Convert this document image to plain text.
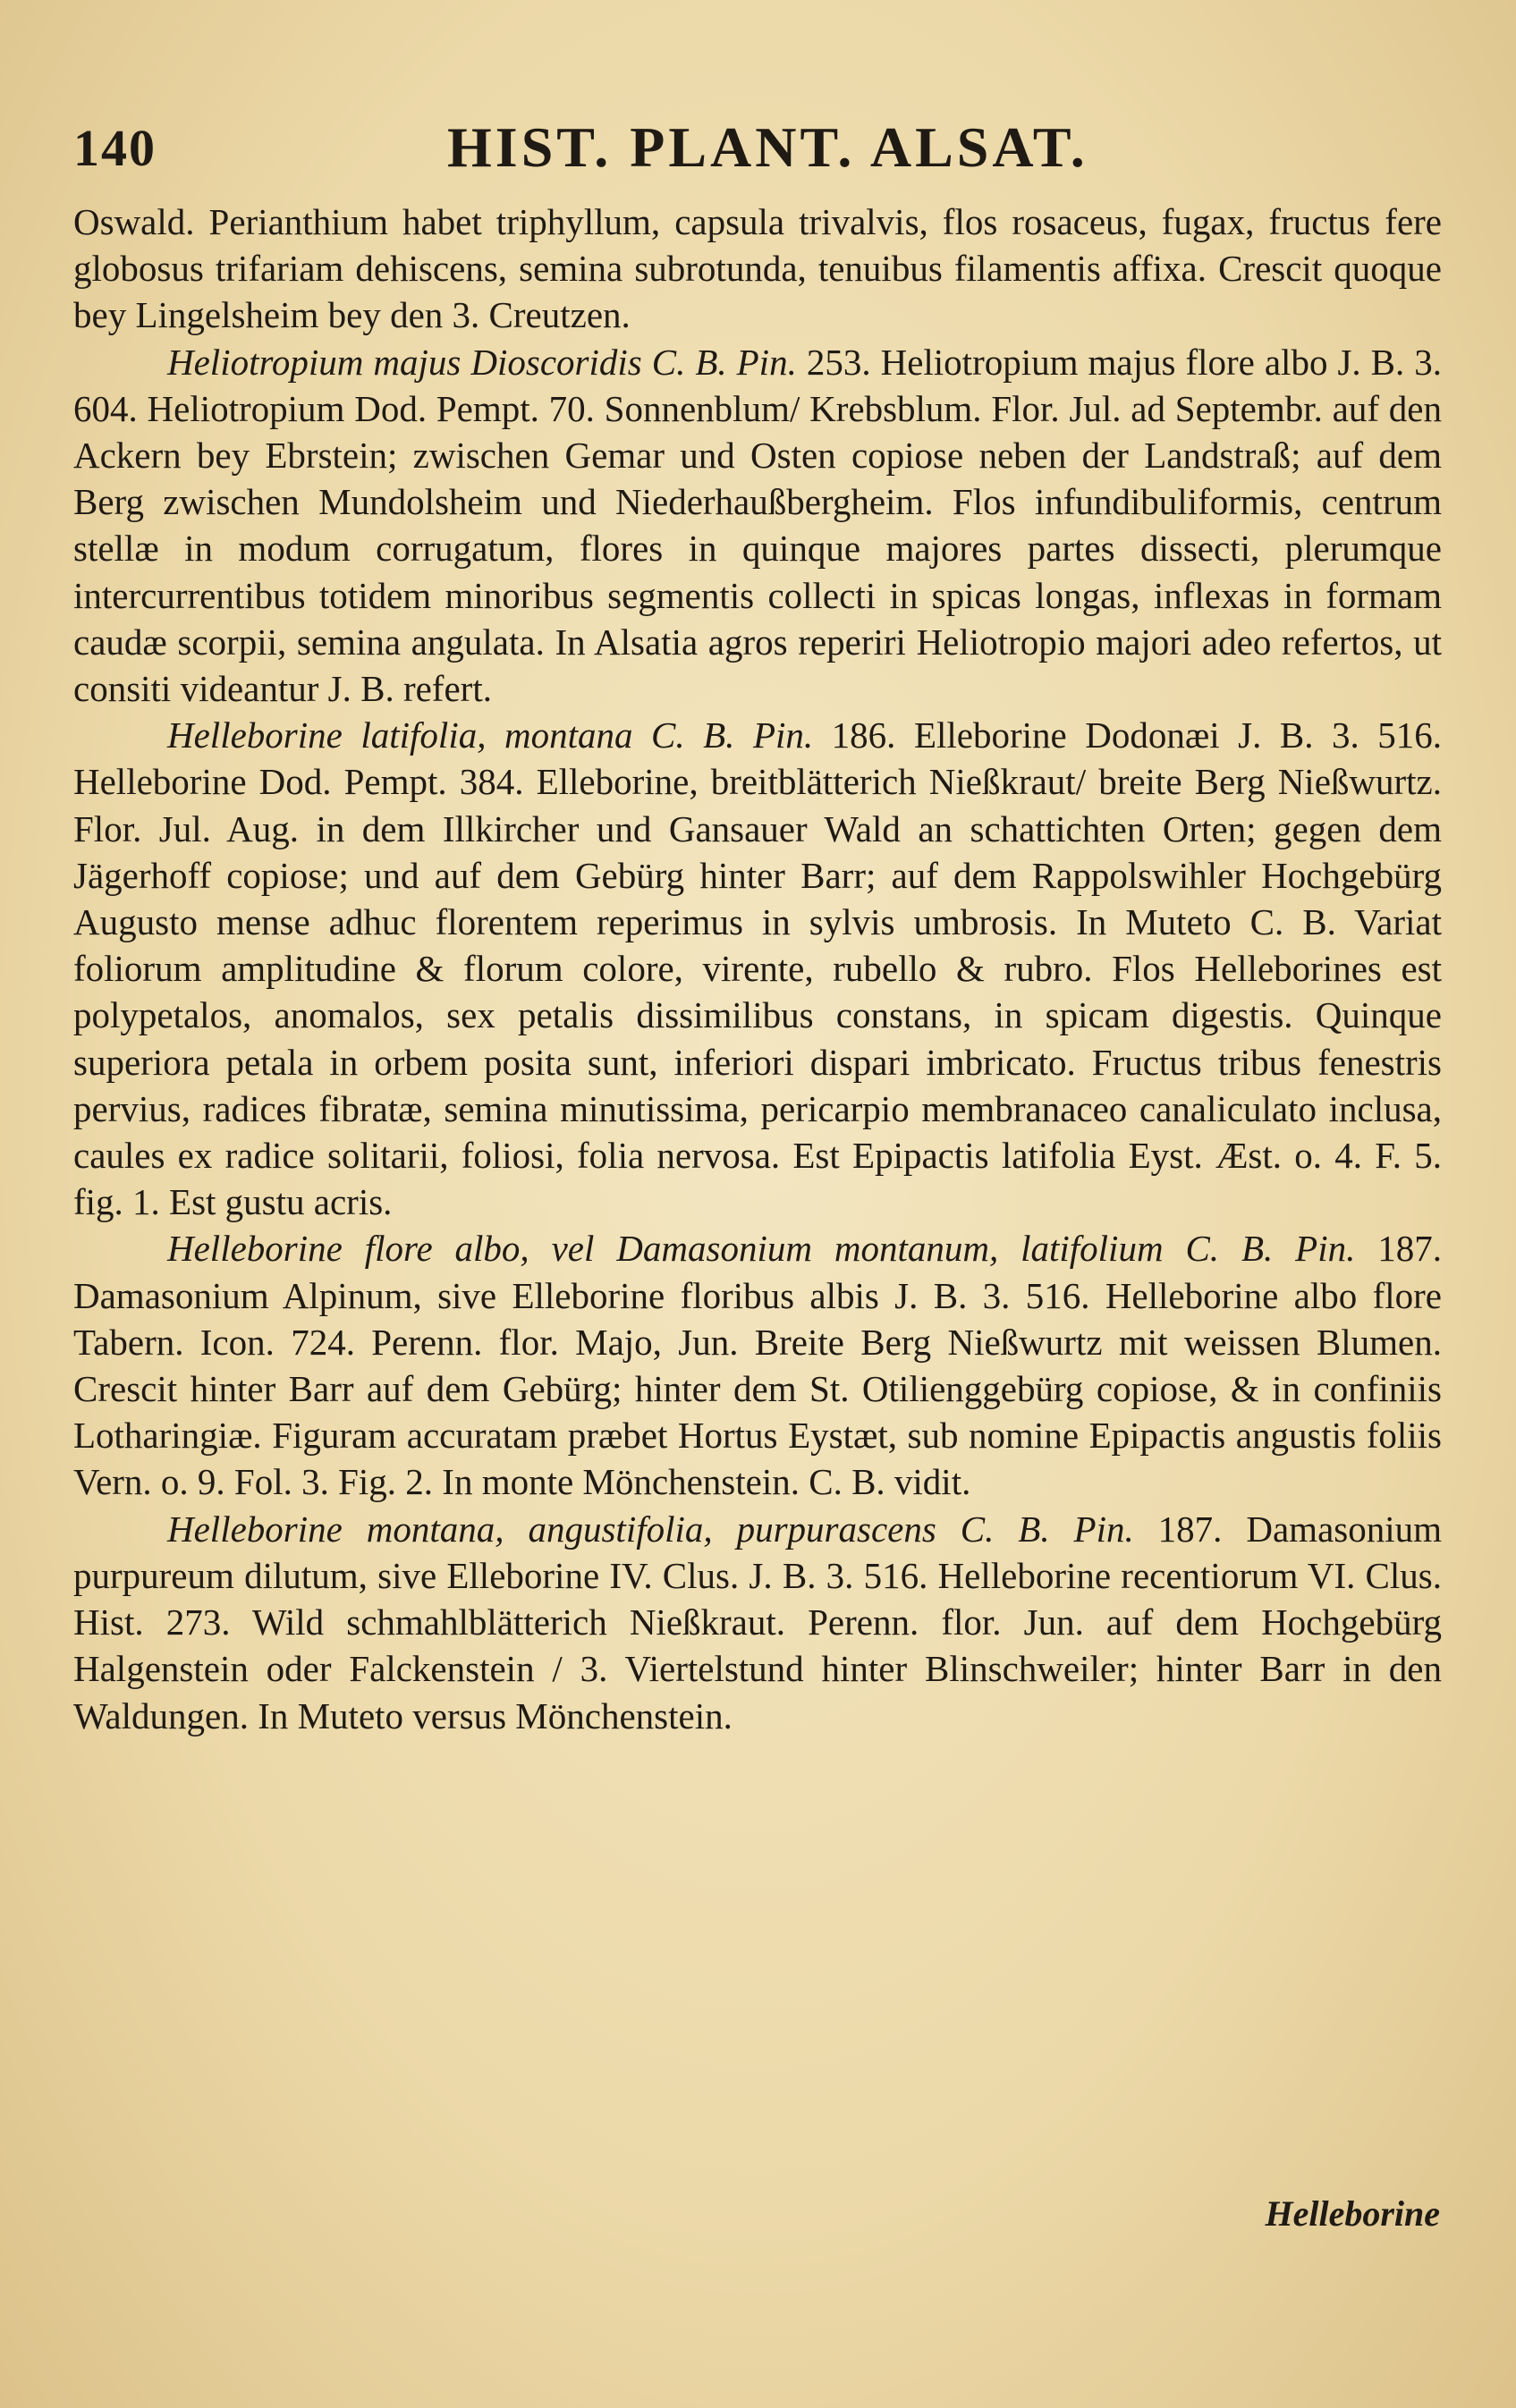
140	HIST. PLANT. ALSAT.

Oswald. Perianthium habet triphyllum, capsula trivalvis, flos rosaceus, fugax, fructus fere globosus trifariam dehiscens, semina subrotunda, tenuibus filamentis affixa. Crescit quoque bey Lingelsheim bey den 3. Creutzen.

Heliotropium majus Dioscoridis C. B. Pin. 253. Heliotropium majus flore albo J. B. 3. 604. Heliotropium Dod. Pempt. 70. Sonnenblum/ Krebsblum. Flor. Jul. ad Septembr. auf den Ackern bey Ebrstein; zwischen Gemar und Osten copiose neben der Landstraß; auf dem Berg zwischen Mundolsheim und Niederhaußbergheim. Flos infundibuliformis, centrum stellæ in modum corrugatum, flores in quinque majores partes dissecti, plerumque intercurrentibus totidem minoribus segmentis collecti in spicas longas, inflexas in formam caudæ scorpii, semina angulata. In Alsatia agros reperiri Heliotropio majori adeo refertos, ut consiti videantur J. B. refert.

Helleborine latifolia, montana C. B. Pin. 186. Elleborine Dodonæi J. B. 3. 516. Helleborine Dod. Pempt. 384. Elleborine, breitblätterich Nießkraut/ breite Berg Nießwurtz. Flor. Jul. Aug. in dem Illkircher und Gansauer Wald an schattichten Orten; gegen dem Jägerhoff copiose; und auf dem Gebürg hinter Barr; auf dem Rappolswihler Hochgebürg Augusto mense adhuc florentem reperimus in sylvis umbrosis. In Muteto C. B. Variat foliorum amplitudine & florum colore, virente, rubello & rubro. Flos Helleborines est polypetalos, anomalos, sex petalis dissimilibus constans, in spicam digestis. Quinque superiora petala in orbem posita sunt, inferiori dispari imbricato. Fructus tribus fenestris pervius, radices fibratæ, semina minutissima, pericarpio membranaceo canaliculato inclusa, caules ex radice solitarii, foliosi, folia nervosa. Est Epipactis latifolia Eyst. Æst. o. 4. F. 5. fig. 1. Est gustu acris.

Helleborine flore albo, vel Damasonium montanum, latifolium C. B. Pin. 187. Damasonium Alpinum, sive Elleborine floribus albis J. B. 3. 516. Helleborine albo flore Tabern. Icon. 724. Perenn. flor. Majo, Jun. Breite Berg Nießwurtz mit weissen Blumen. Crescit hinter Barr auf dem Gebürg; hinter dem St. Otilienggebürg copiose, & in confiniis Lotharingiæ. Figuram accuratam præbet Hortus Eystæt, sub nomine Epipactis angustis foliis Vern. o. 9. Fol. 3. Fig. 2. In monte Mönchenstein. C. B. vidit.

Helleborine montana, angustifolia, purpurascens C. B. Pin. 187. Damasonium purpureum dilutum, sive Elleborine IV. Clus. J. B. 3. 516. Helleborine recentiorum VI. Clus. Hist. 273. Wild schmahlblätterich Nießkraut. Perenn. flor. Jun. auf dem Hochgebürg Halgenstein oder Falckenstein / 3. Viertelstund hinter Blinschweiler; hinter Barr in den Waldungen. In Muteto versus Mönchenstein.

Helleborine
